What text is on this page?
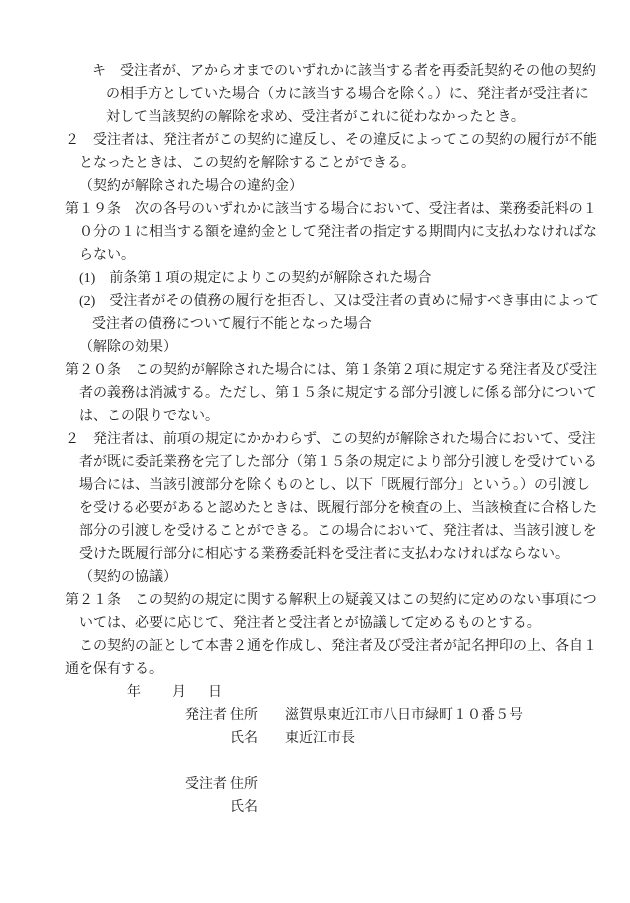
キ　受注者が、アからオまでのいずれかに該当する者を再委託契約その他の契約
の相手方としていた場合（カに該当する場合を除く。）に、発注者が受注者に
対して当該契約の解除を求め、受注者がこれに従わなかったとき。
２　受注者は、発注者がこの契約に違反し、その違反によってこの契約の履行が不能
となったときは、この契約を解除することができる。
（契約が解除された場合の違約金）
第１９条　次の各号のいずれかに該当する場合において、受注者は、業務委託料の１
０分の１に相当する額を違約金として発注者の指定する期間内に支払わなければな
らない。
(1)　前条第１項の規定によりこの契約が解除された場合
(2)　受注者がその債務の履行を拒否し、又は受注者の責めに帰すべき事由によって
受注者の債務について履行不能となった場合
（解除の効果）
第２０条　この契約が解除された場合には、第１条第２項に規定する発注者及び受注
者の義務は消滅する。ただし、第１５条に規定する部分引渡しに係る部分について
は、この限りでない。
２　発注者は、前項の規定にかかわらず、この契約が解除された場合において、受注
者が既に委託業務を完了した部分（第１５条の規定により部分引渡しを受けている
場合には、当該引渡部分を除くものとし、以下「既履行部分」という。）の引渡し
を受ける必要があると認めたときは、既履行部分を検査の上、当該検査に合格した
部分の引渡しを受けることができる。この場合において、発注者は、当該引渡しを
受けた既履行部分に相応する業務委託料を受注者に支払わなければならない。
（契約の協議）
第２１条　この契約の規定に関する解釈上の疑義又はこの契約に定めのない事項につ
いては、必要に応じて、発注者と受注者とが協議して定めるものとする。
この契約の証として本書２通を作成し、発注者及び受注者が記名押印の上、各自１
通を保有する。
年 月 日
発注者 住所 滋賀県東近江市八日市緑町１０番５号
氏名 東近江市長
受注者 住所
氏名
